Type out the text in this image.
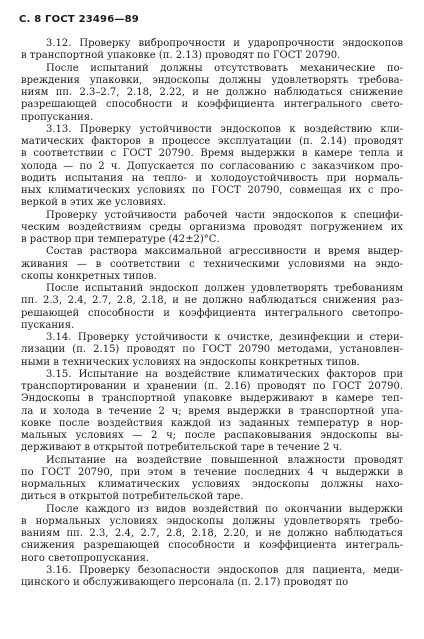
С. 8 ГОСТ 23496—89
3.12. Проверку вибропрочности и ударопрочности эндоскопов
в транспортной упаковке (п. 2.13) проводят по ГОСТ 20790.
После испытаний должны отсутствовать механические по-
вреждения упаковки, эндоскопы должны удовлетворять требова-
ниям пп. 2.3–2.7, 2.18, 2.22, и не должно наблюдаться снижение
разрешающей способности и коэффициента интегрального свето-
пропускания.
3.13. Проверку устойчивости эндоскопов к воздействию кли-
матических факторов в процессе эксплуатации (п. 2.14) проводят
в соответствии с ГОСТ 20790. Время выдержки в камере тепла и
холода — по 2 ч. Допускается по согласованию с заказчиком про-
водить испытания на тепло- и холодоустойчивость при нормаль-
ных климатических условиях по ГОСТ 20790, совмещая их с про-
веркой в этих же условиях.
Проверку устойчивости рабочей части эндоскопов к специфи-
ческим воздействиям среды организма проводят погружением их
в раствор при температуре (42±2)°С.
Состав раствора максимальной агрессивности и время выдер-
живания — в соответствии с техническими условиями на эндо-
скопы конкретных типов.
После испытаний эндоскоп должен удовлетворять требованиям
пп. 2.3, 2.4, 2.7, 2.8, 2.18, и не должно наблюдаться снижения раз-
решающей способности и коэффициента интегрального светопро-
пускания.
3.14. Проверку устойчивости к очистке, дезинфекции и стери-
лизации (п. 2.15) проводят по ГОСТ 20790 методами, установлен-
ными в технических условиях на эндоскопы конкретных типов.
3.15. Испытание на воздействие климатических факторов при
транспортировании и хранении (п. 2.16) проводят по ГОСТ 20790.
Эндоскопы в транспортной упаковке выдерживают в камере теп-
ла и холода в течение 2 ч; время выдержки в транспортной упа-
ковке после воздействия каждой из заданных температур в нор-
мальных условиях — 2 ч; после распаковывания эндоскопы вы-
держивают в открытой потребительской таре в течение 2 ч.
Испытание на воздействие повышенной влажности проводят
по ГОСТ 20790, при этом в течение последних 4 ч выдержки в
нормальных климатических условиях эндоскопы должны нахо-
диться в открытой потребительской таре.
После каждого из видов воздействий по окончании выдержки
в нормальных условиях эндоскопы должны удовлетворять требо-
ваниям пп. 2.3, 2.4, 2.7, 2.8, 2.18, 2.20, и не должно наблюдаться
снижения разрешающей способности и коэффициента интеграль-
ного светопропускания.
3.16. Проверку безопасности эндоскопов для пациента, меди-
цинского и обслуживающего персонала (п. 2.17) проводят по
